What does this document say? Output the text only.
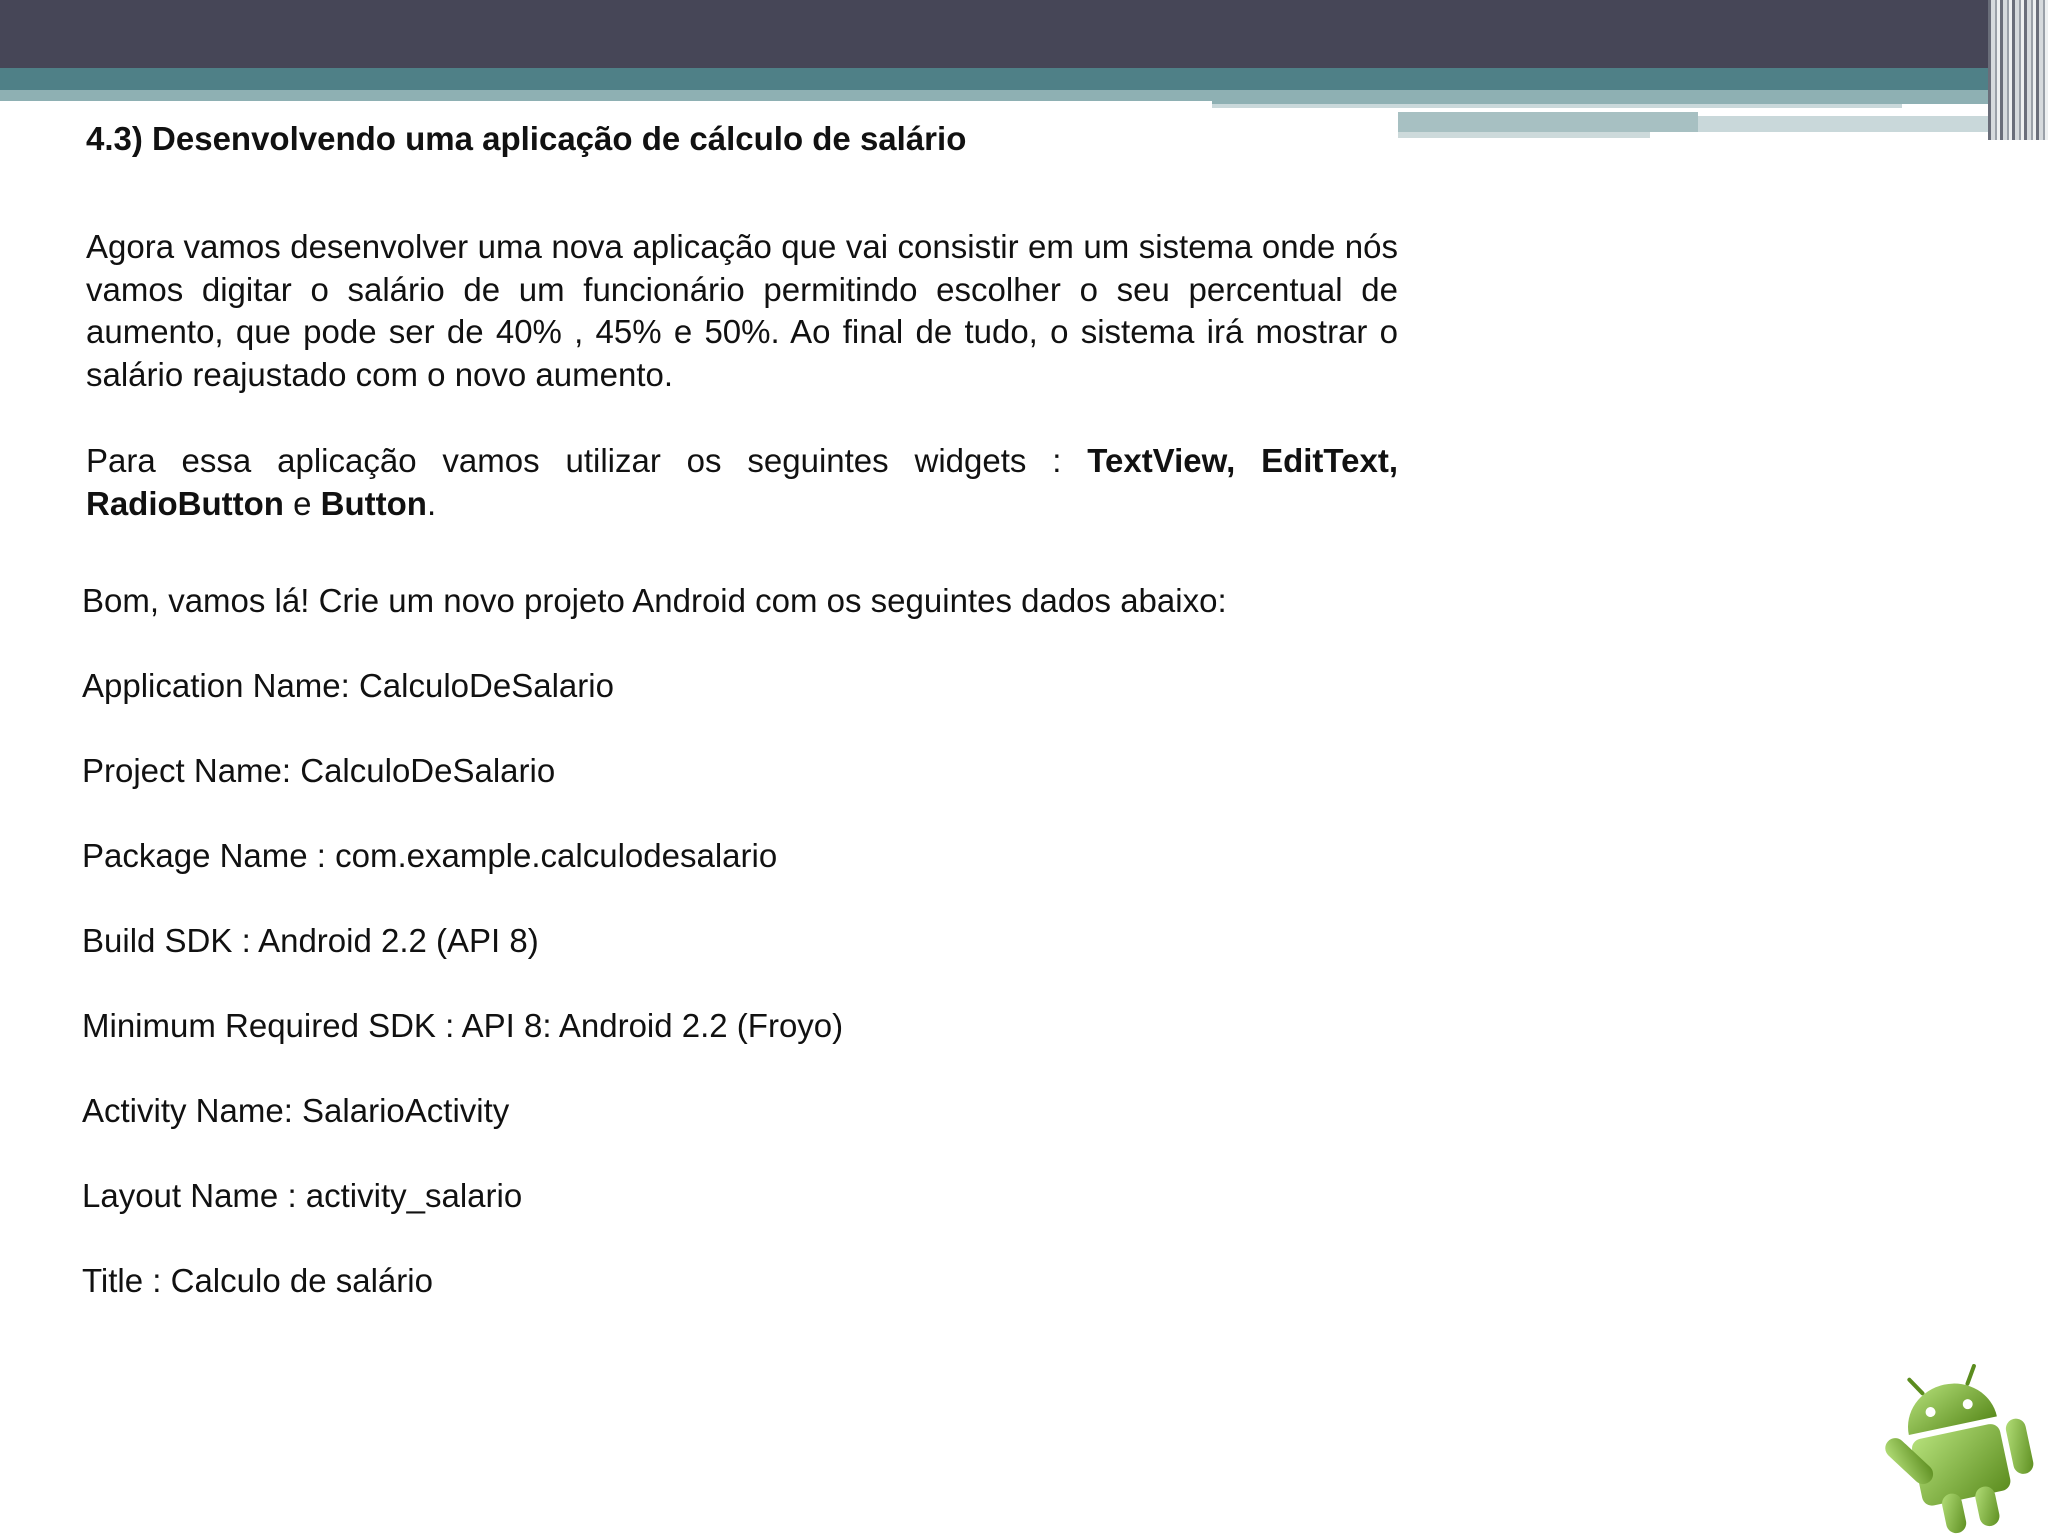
4.3) Desenvolvendo uma aplicação de cálculo de salário

Agora vamos desenvolver uma nova aplicação que vai consistir em um sistema onde nós vamos digitar o salário de um funcionário permitindo escolher o seu percentual de aumento, que pode ser de 40% , 45% e 50%. Ao final de tudo, o sistema irá mostrar o salário reajustado com o novo aumento.

Para essa aplicação vamos utilizar os seguintes widgets : TextView, EditText, RadioButton e Button.

Bom, vamos lá! Crie um novo projeto Android com os seguintes dados abaixo:
Application Name: CalculoDeSalario
Project Name: CalculoDeSalario
Package Name : com.example.calculodesalario
Build SDK : Android 2.2 (API 8)
Minimum Required SDK : API 8: Android 2.2 (Froyo)
Activity Name: SalarioActivity
Layout Name : activity_salario
Title : Calculo de salário
